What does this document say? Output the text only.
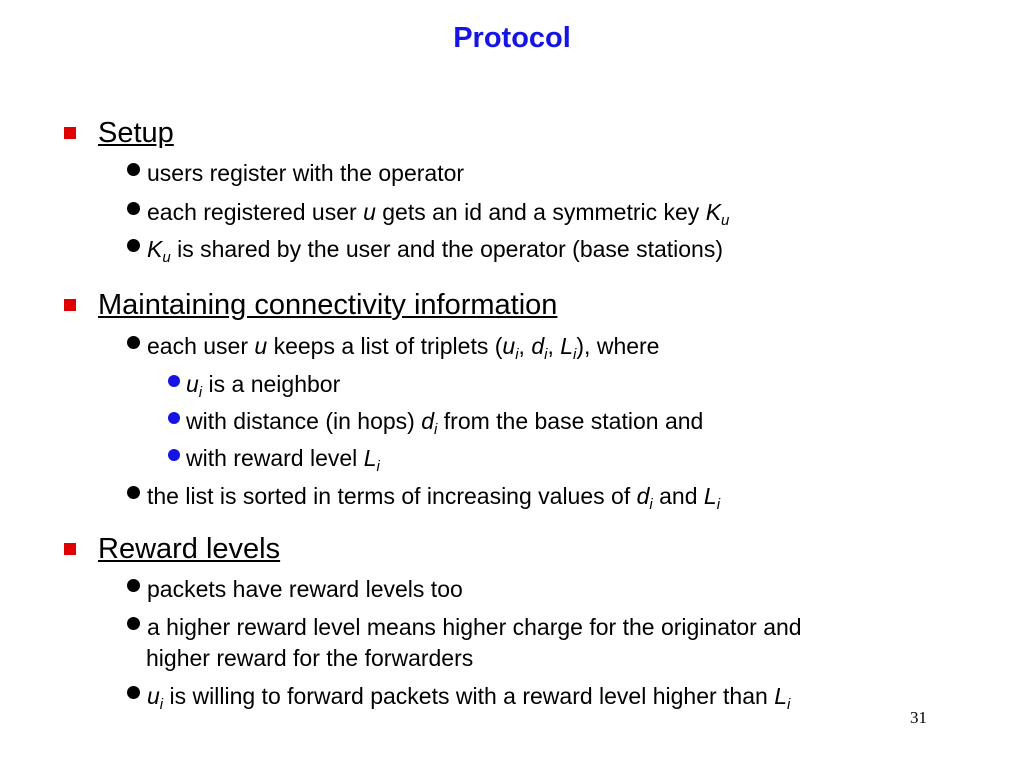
Protocol
Setup
users register with the operator
each registered user u gets an id and a symmetric key $K_u$
$K_u$ is shared by the user and the operator (base stations)
Maintaining connectivity information
each user u keeps a list of triplets ($u_i$, $d_i$, $L_i$), where
$u_i$ is a neighbor
with distance (in hops) $d_i$ from the base station and
with reward level $L_i$
the list is sorted in terms of increasing values of $d_i$ and $L_i$
Reward levels
packets have reward levels too
a higher reward level means higher charge for the originator and
higher reward for the forwarders
$u_i$ is willing to forward packets with a reward level higher than $L_i$
31
